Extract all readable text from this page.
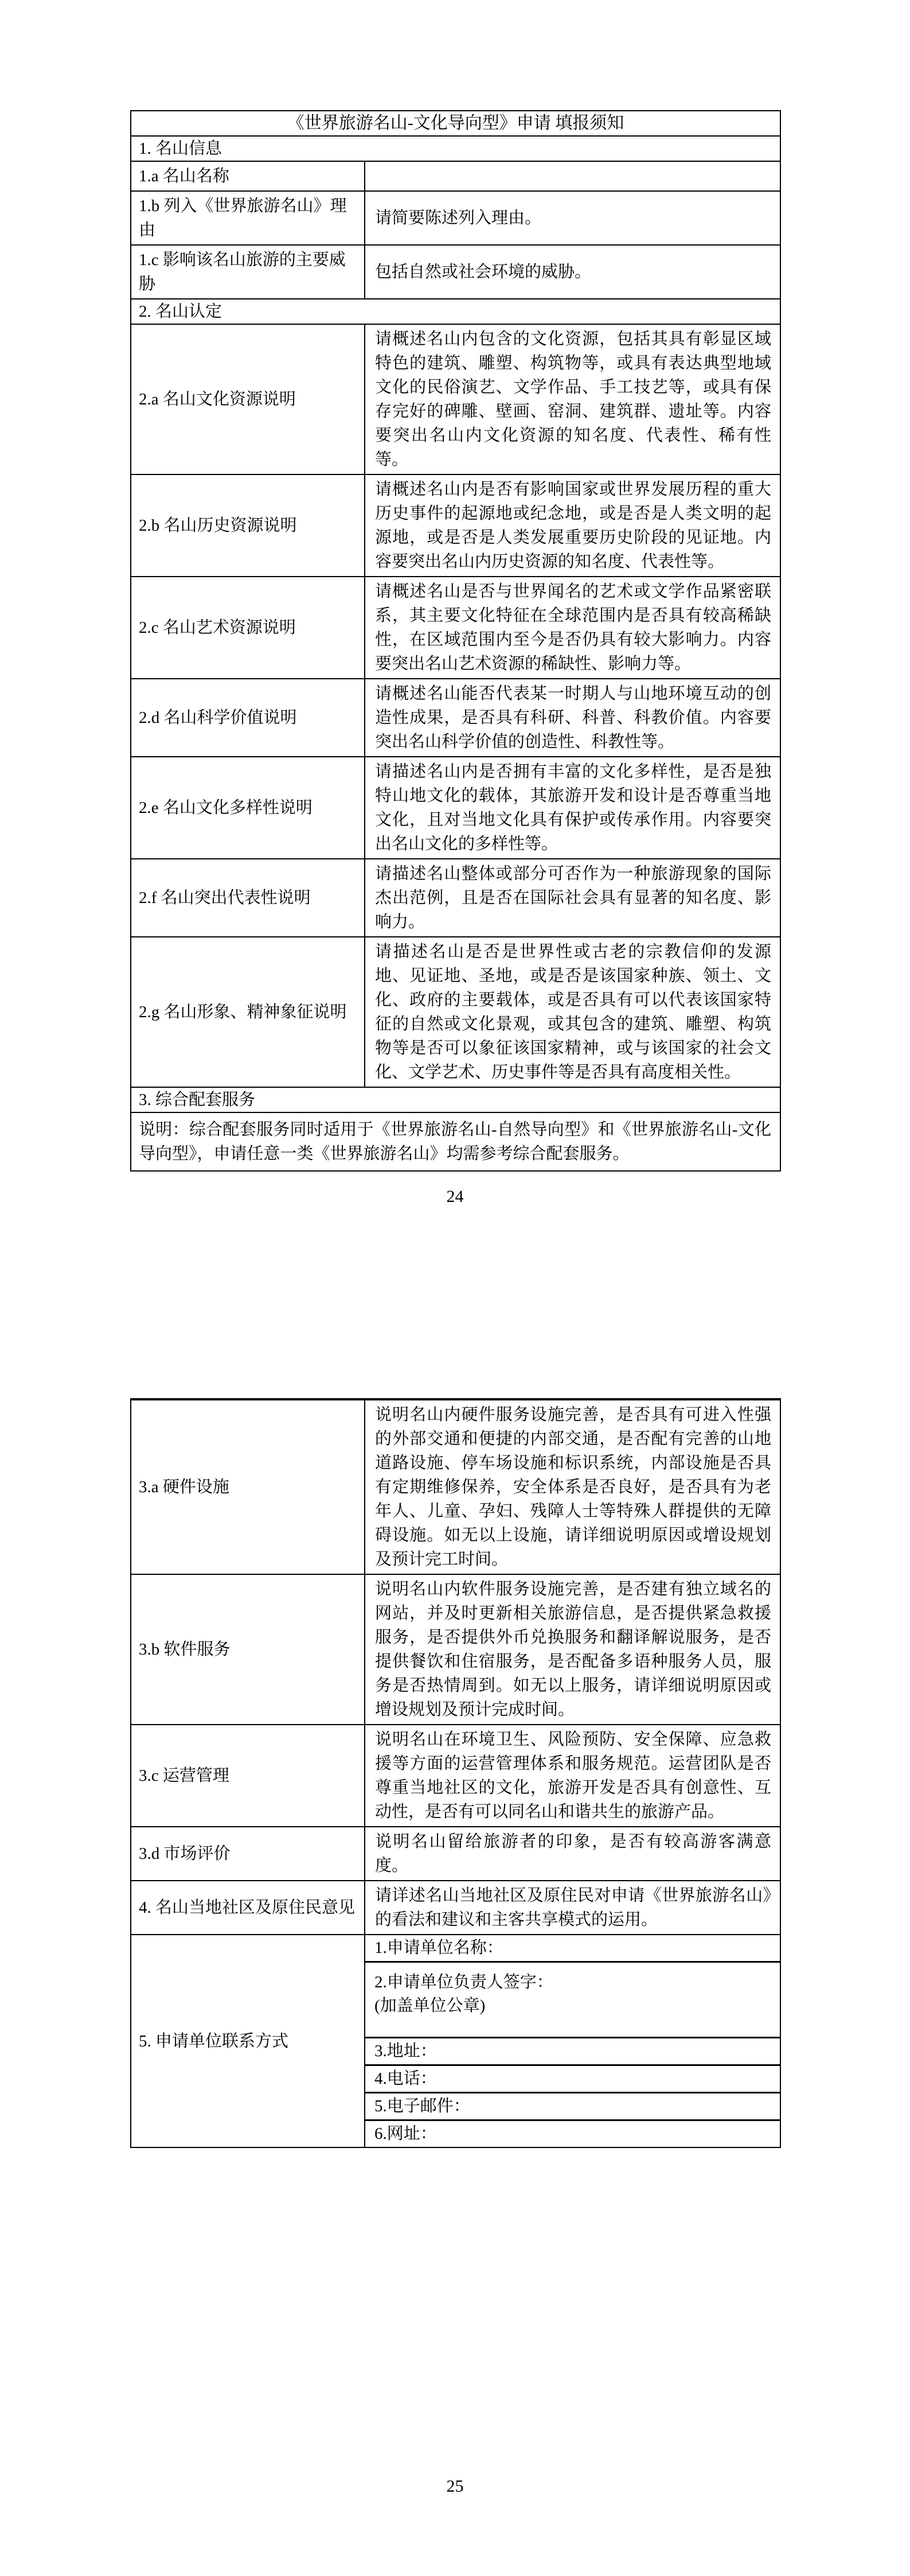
《世界旅游名山-文化导向型》申请 填报须知
1. 名山信息
1.a 名山名称
1.b 列入《世界旅游名山》理由
请简要陈述列入理由。
1.c 影响该名山旅游的主要威胁
包括自然或社会环境的威胁。
2. 名山认定
2.a 名山文化资源说明
请概述名山内包含的文化资源，包括其具有彰显区域特色的建筑、雕塑、构筑物等，或具有表达典型地域文化的民俗演艺、文学作品、手工技艺等，或具有保存完好的碑雕、壁画、窑洞、建筑群、遗址等。内容要突出名山内文化资源的知名度、代表性、稀有性等。
2.b 名山历史资源说明
请概述名山内是否有影响国家或世界发展历程的重大历史事件的起源地或纪念地，或是否是人类文明的起源地，或是否是人类发展重要历史阶段的见证地。内容要突出名山内历史资源的知名度、代表性等。
2.c 名山艺术资源说明
请概述名山是否与世界闻名的艺术或文学作品紧密联系，其主要文化特征在全球范围内是否具有较高稀缺性，在区域范围内至今是否仍具有较大影响力。内容要突出名山艺术资源的稀缺性、影响力等。
2.d 名山科学价值说明
请概述名山能否代表某一时期人与山地环境互动的创造性成果，是否具有科研、科普、科教价值。内容要突出名山科学价值的创造性、科教性等。
2.e 名山文化多样性说明
请描述名山内是否拥有丰富的文化多样性，是否是独特山地文化的载体，其旅游开发和设计是否尊重当地文化，且对当地文化具有保护或传承作用。内容要突出名山文化的多样性等。
2.f 名山突出代表性说明
请描述名山整体或部分可否作为一种旅游现象的国际杰出范例，且是否在国际社会具有显著的知名度、影响力。
2.g 名山形象、精神象征说明
请描述名山是否是世界性或古老的宗教信仰的发源地、见证地、圣地，或是否是该国家种族、领土、文化、政府的主要载体，或是否具有可以代表该国家特征的自然或文化景观，或其包含的建筑、雕塑、构筑物等是否可以象征该国家精神，或与该国家的社会文化、文学艺术、历史事件等是否具有高度相关性。
3. 综合配套服务
说明：综合配套服务同时适用于《世界旅游名山-自然导向型》和《世界旅游名山-文化导向型》，申请任意一类《世界旅游名山》均需参考综合配套服务。
24
3.a 硬件设施
说明名山内硬件服务设施完善，是否具有可进入性强的外部交通和便捷的内部交通，是否配有完善的山地道路设施、停车场设施和标识系统，内部设施是否具有定期维修保养，安全体系是否良好，是否具有为老年人、儿童、孕妇、残障人士等特殊人群提供的无障碍设施。如无以上设施，请详细说明原因或增设规划及预计完工时间。
3.b 软件服务
说明名山内软件服务设施完善，是否建有独立域名的网站，并及时更新相关旅游信息，是否提供紧急救援服务，是否提供外币兑换服务和翻译解说服务，是否提供餐饮和住宿服务，是否配备多语种服务人员，服务是否热情周到。如无以上服务，请详细说明原因或增设规划及预计完成时间。
3.c 运营管理
说明名山在环境卫生、风险预防、安全保障、应急救援等方面的运营管理体系和服务规范。运营团队是否尊重当地社区的文化，旅游开发是否具有创意性、互动性，是否有可以同名山和谐共生的旅游产品。
3.d 市场评价
说明名山留给旅游者的印象，是否有较高游客满意度。
4. 名山当地社区及原住民意见
请详述名山当地社区及原住民对申请《世界旅游名山》的看法和建议和主客共享模式的运用。
5. 申请单位联系方式
1.申请单位名称：
2.申请单位负责人签字：
(加盖单位公章)
3.地址：
4.电话：
5.电子邮件：
6.网址：
25
